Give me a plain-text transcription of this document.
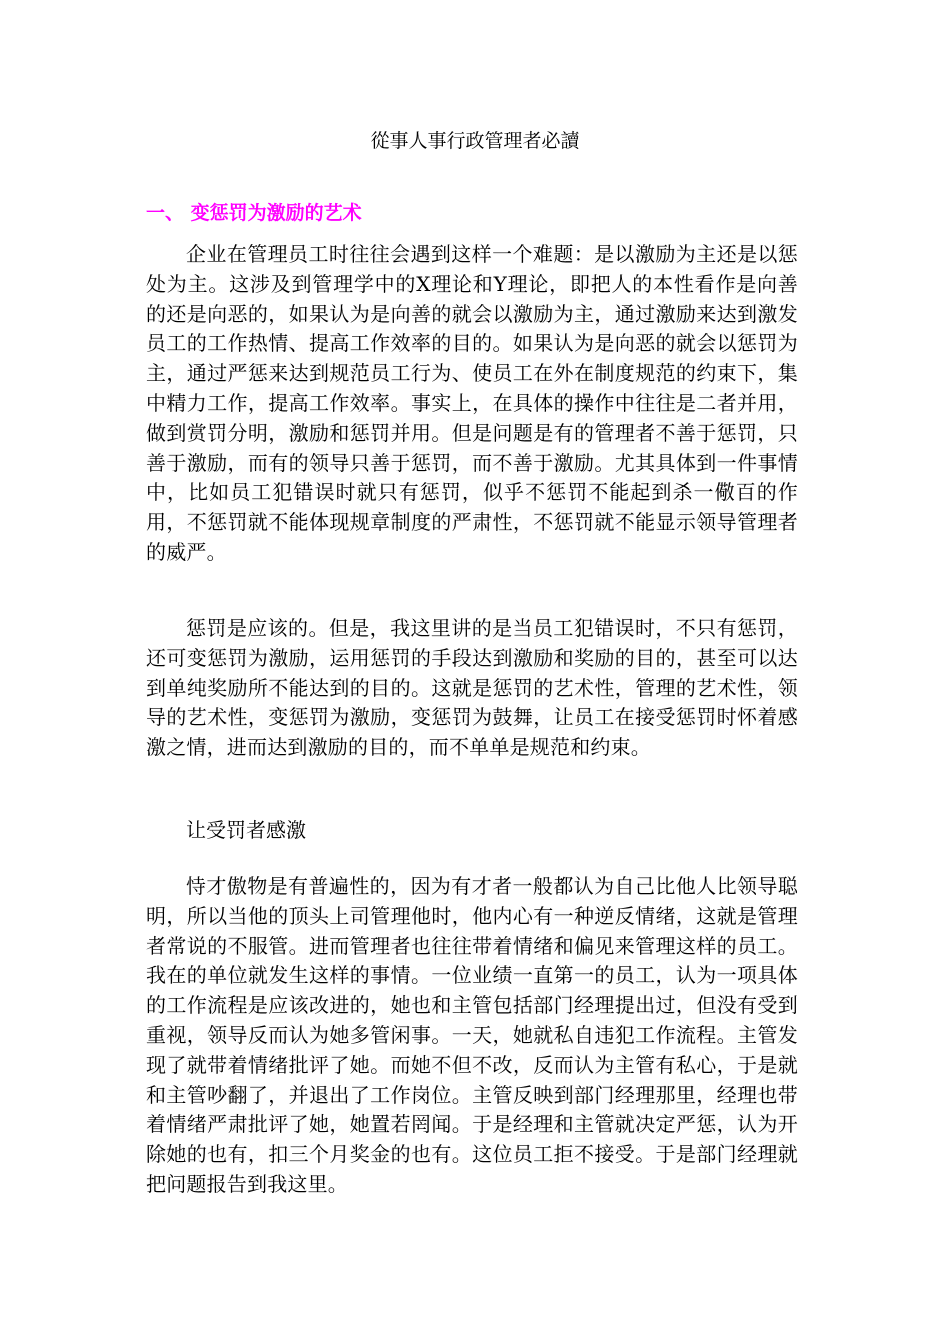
從事人事行政管理者必讀
一、 变惩罚为激励的艺术

企业在管理员工时往往会遇到这样一个难题：是以激励为主还是以惩处为主。这涉及到管理学中的X理论和Y理论，即把人的本性看作是向善的还是向恶的，如果认为是向善的就会以激励为主，通过激励来达到激发员工的工作热情、提高工作效率的目的。如果认为是向恶的就会以惩罚为主，通过严惩来达到规范员工行为、使员工在外在制度规范的约束下，集中精力工作，提高工作效率。事实上，在具体的操作中往往是二者并用，做到赏罚分明，激励和惩罚并用。但是问题是有的管理者不善于惩罚，只善于激励，而有的领导只善于惩罚，而不善于激励。尤其具体到一件事情中，比如员工犯错误时就只有惩罚，似乎不惩罚不能起到杀一儆百的作用，不惩罚就不能体现规章制度的严肃性，不惩罚就不能显示领导管理者的威严。

惩罚是应该的。但是，我这里讲的是当员工犯错误时，不只有惩罚，还可变惩罚为激励，运用惩罚的手段达到激励和奖励的目的，甚至可以达到单纯奖励所不能达到的目的。这就是惩罚的艺术性，管理的艺术性，领导的艺术性，变惩罚为激励，变惩罚为鼓舞，让员工在接受惩罚时怀着感激之情，进而达到激励的目的，而不单单是规范和约束。

让受罚者感激

恃才傲物是有普遍性的，因为有才者一般都认为自己比他人比领导聪明，所以当他的顶头上司管理他时，他内心有一种逆反情绪，这就是管理者常说的不服管。进而管理者也往往带着情绪和偏见来管理这样的员工。我在的单位就发生这样的事情。一位业绩一直第一的员工，认为一项具体的工作流程是应该改进的，她也和主管包括部门经理提出过，但没有受到重视，领导反而认为她多管闲事。一天，她就私自违犯工作流程。主管发现了就带着情绪批评了她。而她不但不改，反而认为主管有私心，于是就和主管吵翻了，并退出了工作岗位。主管反映到部门经理那里，经理也带着情绪严肃批评了她，她置若罔闻。于是经理和主管就决定严惩，认为开除她的也有，扣三个月奖金的也有。这位员工拒不接受。于是部门经理就把问题报告到我这里。
